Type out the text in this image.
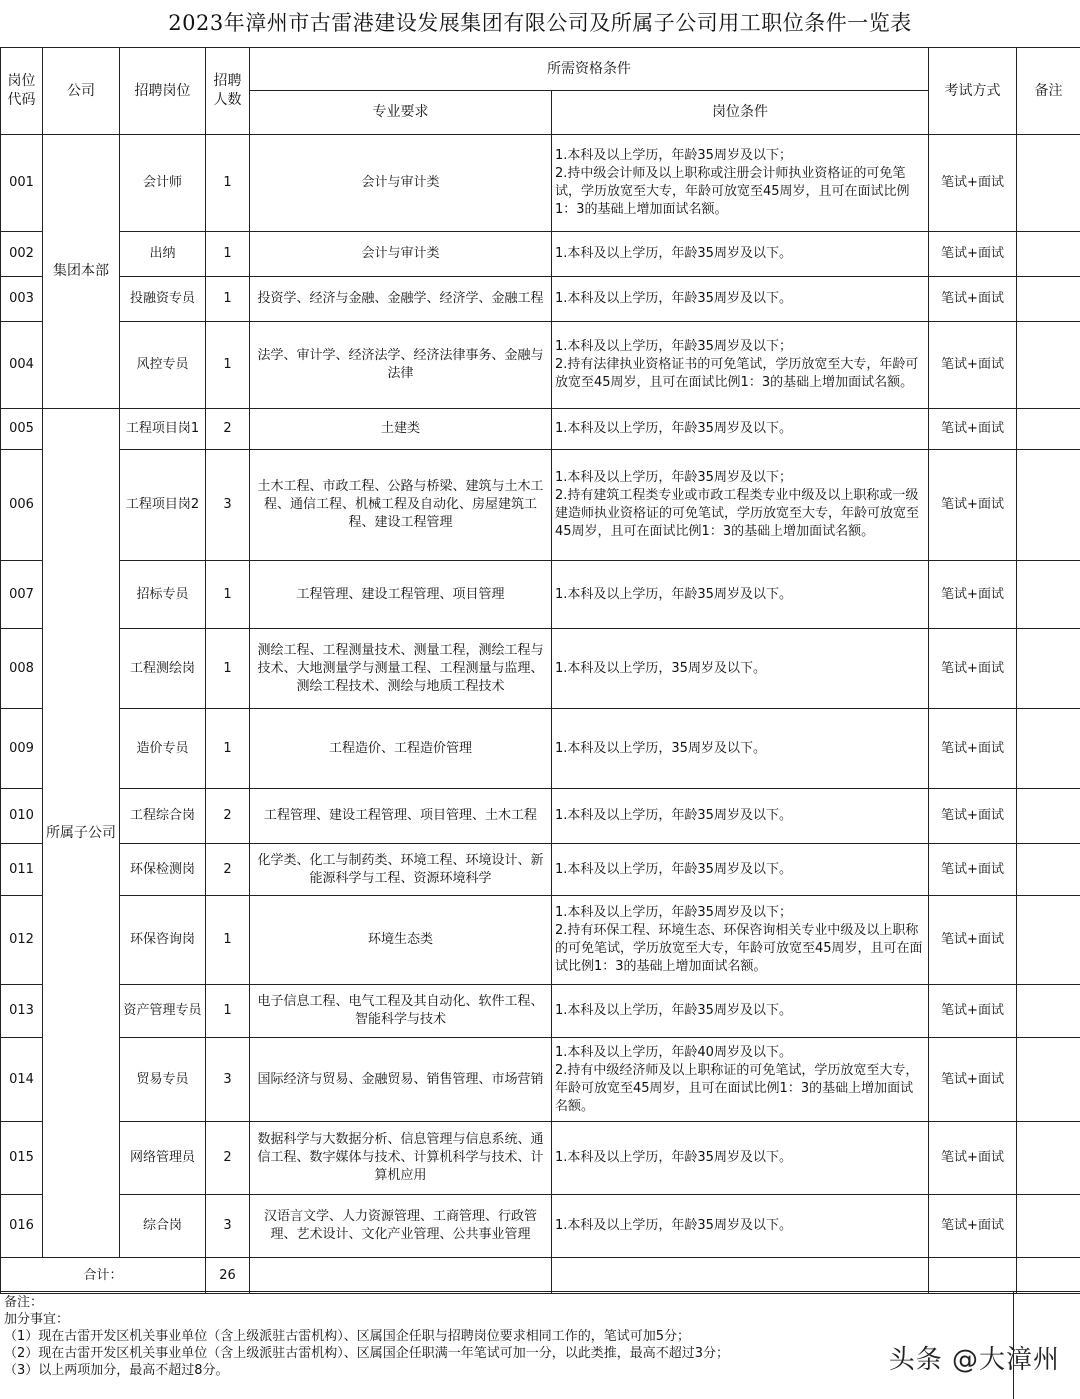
2023年漳州市古雷港建设发展集团有限公司及所属子公司用工职位条件一览表
岗位代码	公司	招聘岗位	招聘人数	所需资格条件		考试方式	备注
				专业要求	岗位条件		
001	集团本部	会计师	1	会计与审计类	1.本科及以上学历，年龄35周岁及以下；
2.持中级会计师及以上职称或注册会计师执业资格证的可免笔试，学历放宽至大专，年龄可放宽至45周岁，且可在面试比例1：3的基础上增加面试名额。	笔试+面试	
002		出纳	1	会计与审计类	1.本科及以上学历，年龄35周岁及以下。	笔试+面试	
003		投融资专员	1	投资学、经济与金融、金融学、经济学、金融工程	1.本科及以上学历，年龄35周岁及以下。	笔试+面试	
004		风控专员	1	法学、审计学、经济法学、经济法律事务、金融与法律	1.本科及以上学历，年龄35周岁及以下；
2.持有法律执业资格证书的可免笔试，学历放宽至大专，年龄可放宽至45周岁，且可在面试比例1：3的基础上增加面试名额。	笔试+面试	
005	所属子公司	工程项目岗1	2	土建类	1.本科及以上学历，年龄35周岁及以下。	笔试+面试	
006		工程项目岗2	3	土木工程、市政工程、公路与桥梁、建筑与土木工程、通信工程、机械工程及自动化、房屋建筑工程、建设工程管理	1.本科及以上学历，年龄35周岁及以下；
2.持有建筑工程类专业或市政工程类专业中级及以上职称或一级建造师执业资格证的可免笔试，学历放宽至大专，年龄可放宽至45周岁，且可在面试比例1：3的基础上增加面试名额。	笔试+面试	
007		招标专员	1	工程管理、建设工程管理、项目管理	1.本科及以上学历，年龄35周岁及以下。	笔试+面试	
008		工程测绘岗	1	测绘工程、工程测量技术、测量工程，测绘工程与技术、大地测量学与测量工程、工程测量与监理、测绘工程技术、测绘与地质工程技术	1.本科及以上学历，35周岁及以下。	笔试+面试	
009		造价专员	1	工程造价、工程造价管理	1.本科及以上学历，35周岁及以下。	笔试+面试	
010		工程综合岗	2	工程管理、建设工程管理、项目管理、土木工程	1.本科及以上学历，年龄35周岁及以下。	笔试+面试	
011		环保检测岗	2	化学类、化工与制药类、环境工程、环境设计、新能源科学与工程、资源环境科学	1.本科及以上学历，年龄35周岁及以下。	笔试+面试	
012		环保咨询岗	1	环境生态类	1.本科及以上学历，年龄35周岁及以下；
2.持有环保工程、环境生态、环保咨询相关专业中级及以上职称的可免笔试，学历放宽至大专，年龄可放宽至45周岁，且可在面试比例1：3的基础上增加面试名额。	笔试+面试	
013		资产管理专员	1	电子信息工程、电气工程及其自动化、软件工程、智能科学与技术	1.本科及以上学历，年龄35周岁及以下。	笔试+面试	
014		贸易专员	3	国际经济与贸易、金融贸易、销售管理、市场营销	1.本科及以上学历，年龄40周岁及以下。
2.持有中级经济师及以上职称证的可免笔试，学历放宽至大专，年龄可放宽至45周岁，且可在面试比例1：3的基础上增加面试名额。	笔试+面试	
015		网络管理员	2	数据科学与大数据分析、信息管理与信息系统、通信工程、数字媒体与技术、计算机科学与技术、计算机应用	1.本科及以上学历，年龄35周岁及以下。	笔试+面试	
016		综合岗	3	汉语言文学、人力资源管理、工商管理、行政管理、艺术设计、文化产业管理、公共事业管理	1.本科及以上学历，年龄35周岁及以下。	笔试+面试	
合计：			26				
备注：
加分事宜：
（1）现在古雷开发区机关事业单位（含上级派驻古雷机构）、区属国企任职与招聘岗位要求相同工作的，笔试可加5分；
（2）现在古雷开发区机关事业单位（含上级派驻古雷机构）、区属国企任职满一年笔试可加一分，以此类推，最高不超过3分；
（3）以上两项加分，最高不超过8分。	头条 @大漳州
